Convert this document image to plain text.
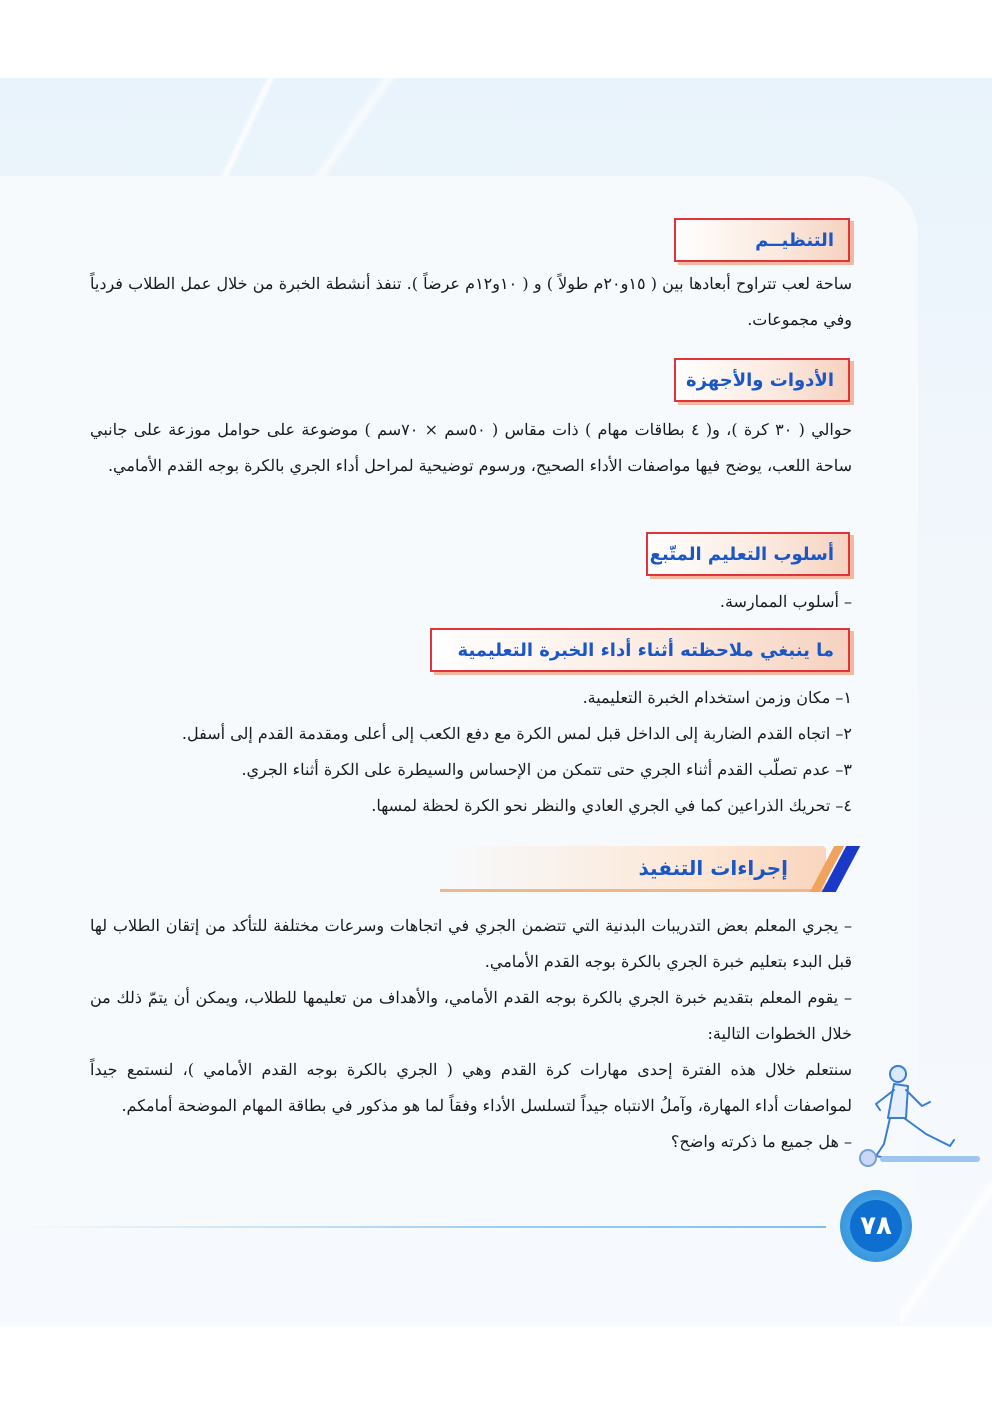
التنظيــم

ساحة لعب تتراوح أبعادها بين ( ١٥و٢٠م طولاً ) و ( ١٠و١٢م عرضاً ). تنفذ أنشطة الخبرة من خلال عمل الطلاب فردياً وفي مجموعات.

الأدوات والأجهزة

حوالي ( ٣٠ كرة )، و( ٤ بطاقات مهام ) ذات مقاس ( ٥٠سم × ٧٠سم ) موضوعة على حوامل موزعة على جانبي ساحة اللعب، يوضح فيها مواصفات الأداء الصحيح، ورسوم توضيحية لمراحل أداء الجري بالكرة بوجه القدم الأمامي.

أسلوب التعليم المتّبع

– أسلوب الممارسة.

ما ينبغي ملاحظته أثناء أداء الخبرة التعليمية
١– مكان وزمن استخدام الخبرة التعليمية.
٢– اتجاه القدم الضاربة إلى الداخل قبل لمس الكرة مع دفع الكعب إلى أعلى ومقدمة القدم إلى أسفل.
٣– عدم تصلّب القدم أثناء الجري حتى تتمكن من الإحساس والسيطرة على الكرة أثناء الجري.
٤– تحريك الذراعين كما في الجري العادي والنظر نحو الكرة لحظة لمسها.
إجراءات التنفيذ
– يجري المعلم بعض التدريبات البدنية التي تتضمن الجري في اتجاهات وسرعات مختلفة للتأكد من إتقان الطلاب لها قبل البدء بتعليم خبرة الجري بالكرة بوجه القدم الأمامي.
– يقوم المعلم بتقديم خبرة الجري بالكرة بوجه القدم الأمامي، والأهداف من تعليمها للطلاب، ويمكن أن يتمّ ذلك من خلال الخطوات التالية:
سنتعلم خلال هذه الفترة إحدى مهارات كرة القدم وهي ( الجري بالكرة بوجه القدم الأمامي )، لنستمع جيداً لمواصفات أداء المهارة، وآملُ الانتباه جيداً لتسلسل الأداء وفقاً لما هو مذكور في بطاقة المهام الموضحة أمامكم.
– هل جميع ما ذكرته واضح؟
٧٨
